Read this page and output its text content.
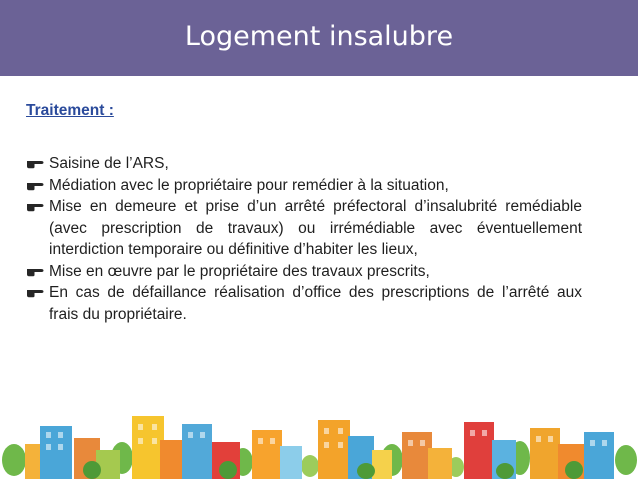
Logement insalubre
Traitement :
Saisine de l’ARS,
Médiation avec le propriétaire pour remédier à la situation,
Mise en demeure et prise d’un arrêté préfectoral d’insalubrité remédiable (avec prescription de travaux) ou irrémédiable avec éventuellement interdiction temporaire ou définitive d’habiter les lieux,
Mise en œuvre par le propriétaire des travaux prescrits,
En cas de défaillance réalisation d’office des prescriptions de l’arrêté aux frais du propriétaire.
